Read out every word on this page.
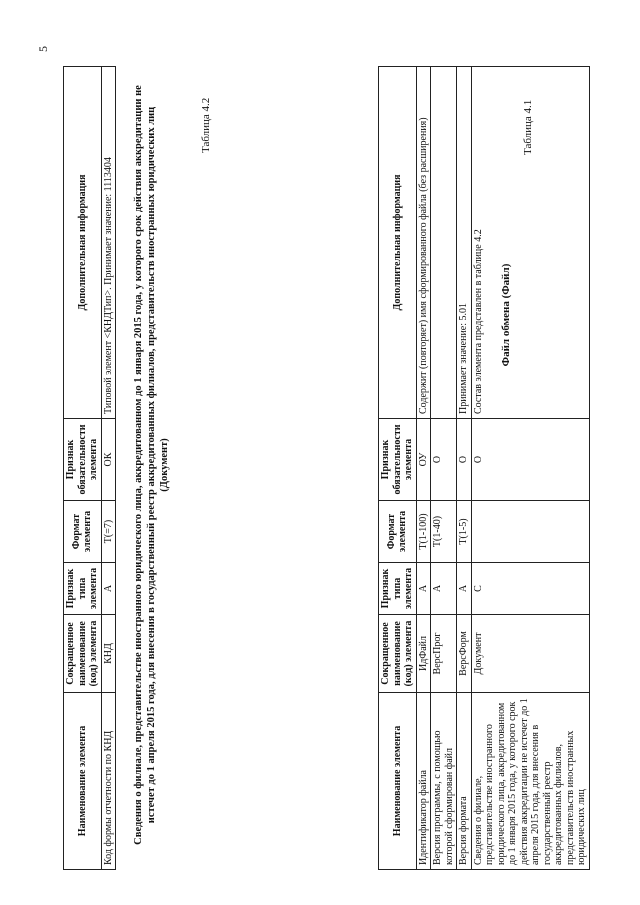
5
Таблица 4.1
Файл обмена (Файл)
Наименование элемента	Сокращенное наименование (код) элемента	Признак типа элемента	Формат элемента	Признак обязательности элемента	Дополнительная информация
Идентификатор файла	ИдФайл	А	T(1-100)	ОУ	Содержит (повторяет) имя сформированного файла (без расширения)
Версия программы, с помощью которой сформирован файл	ВерсПрог	А	T(1-40)	О	
Версия формата	ВерсФорм	А	T(1-5)	О	Принимает значение: 5.01
Сведения о филиале, представительстве иностранного юридического лица, аккредитованном до 1 января 2015 года, у которого срок действия аккредитации не истечет до 1 апреля 2015 года, для внесения в государственный реестр аккредитованных филиалов, представительств иностранных юридических лиц	Документ	С		О	Состав элемента представлен в таблице 4.2
Таблица 4.2
Сведения о филиале, представительстве иностранного юридического лица, аккредитованном до 1 января 2015 года, у которого срок действия аккредитации не истечет до 1 апреля 2015 года, для внесения в государственный реестр аккредитованных филиалов, представительств иностранных юридических лиц (Документ)
Наименование элемента	Сокращенное наименование (код) элемента	Признак типа элемента	Формат элемента	Признак обязательности элемента	Дополнительная информация
Код формы отчетности по КНД	КНД	А	T(=7)	ОК	Типовой элемент <КНДТип>. Принимает значение: 1113404
